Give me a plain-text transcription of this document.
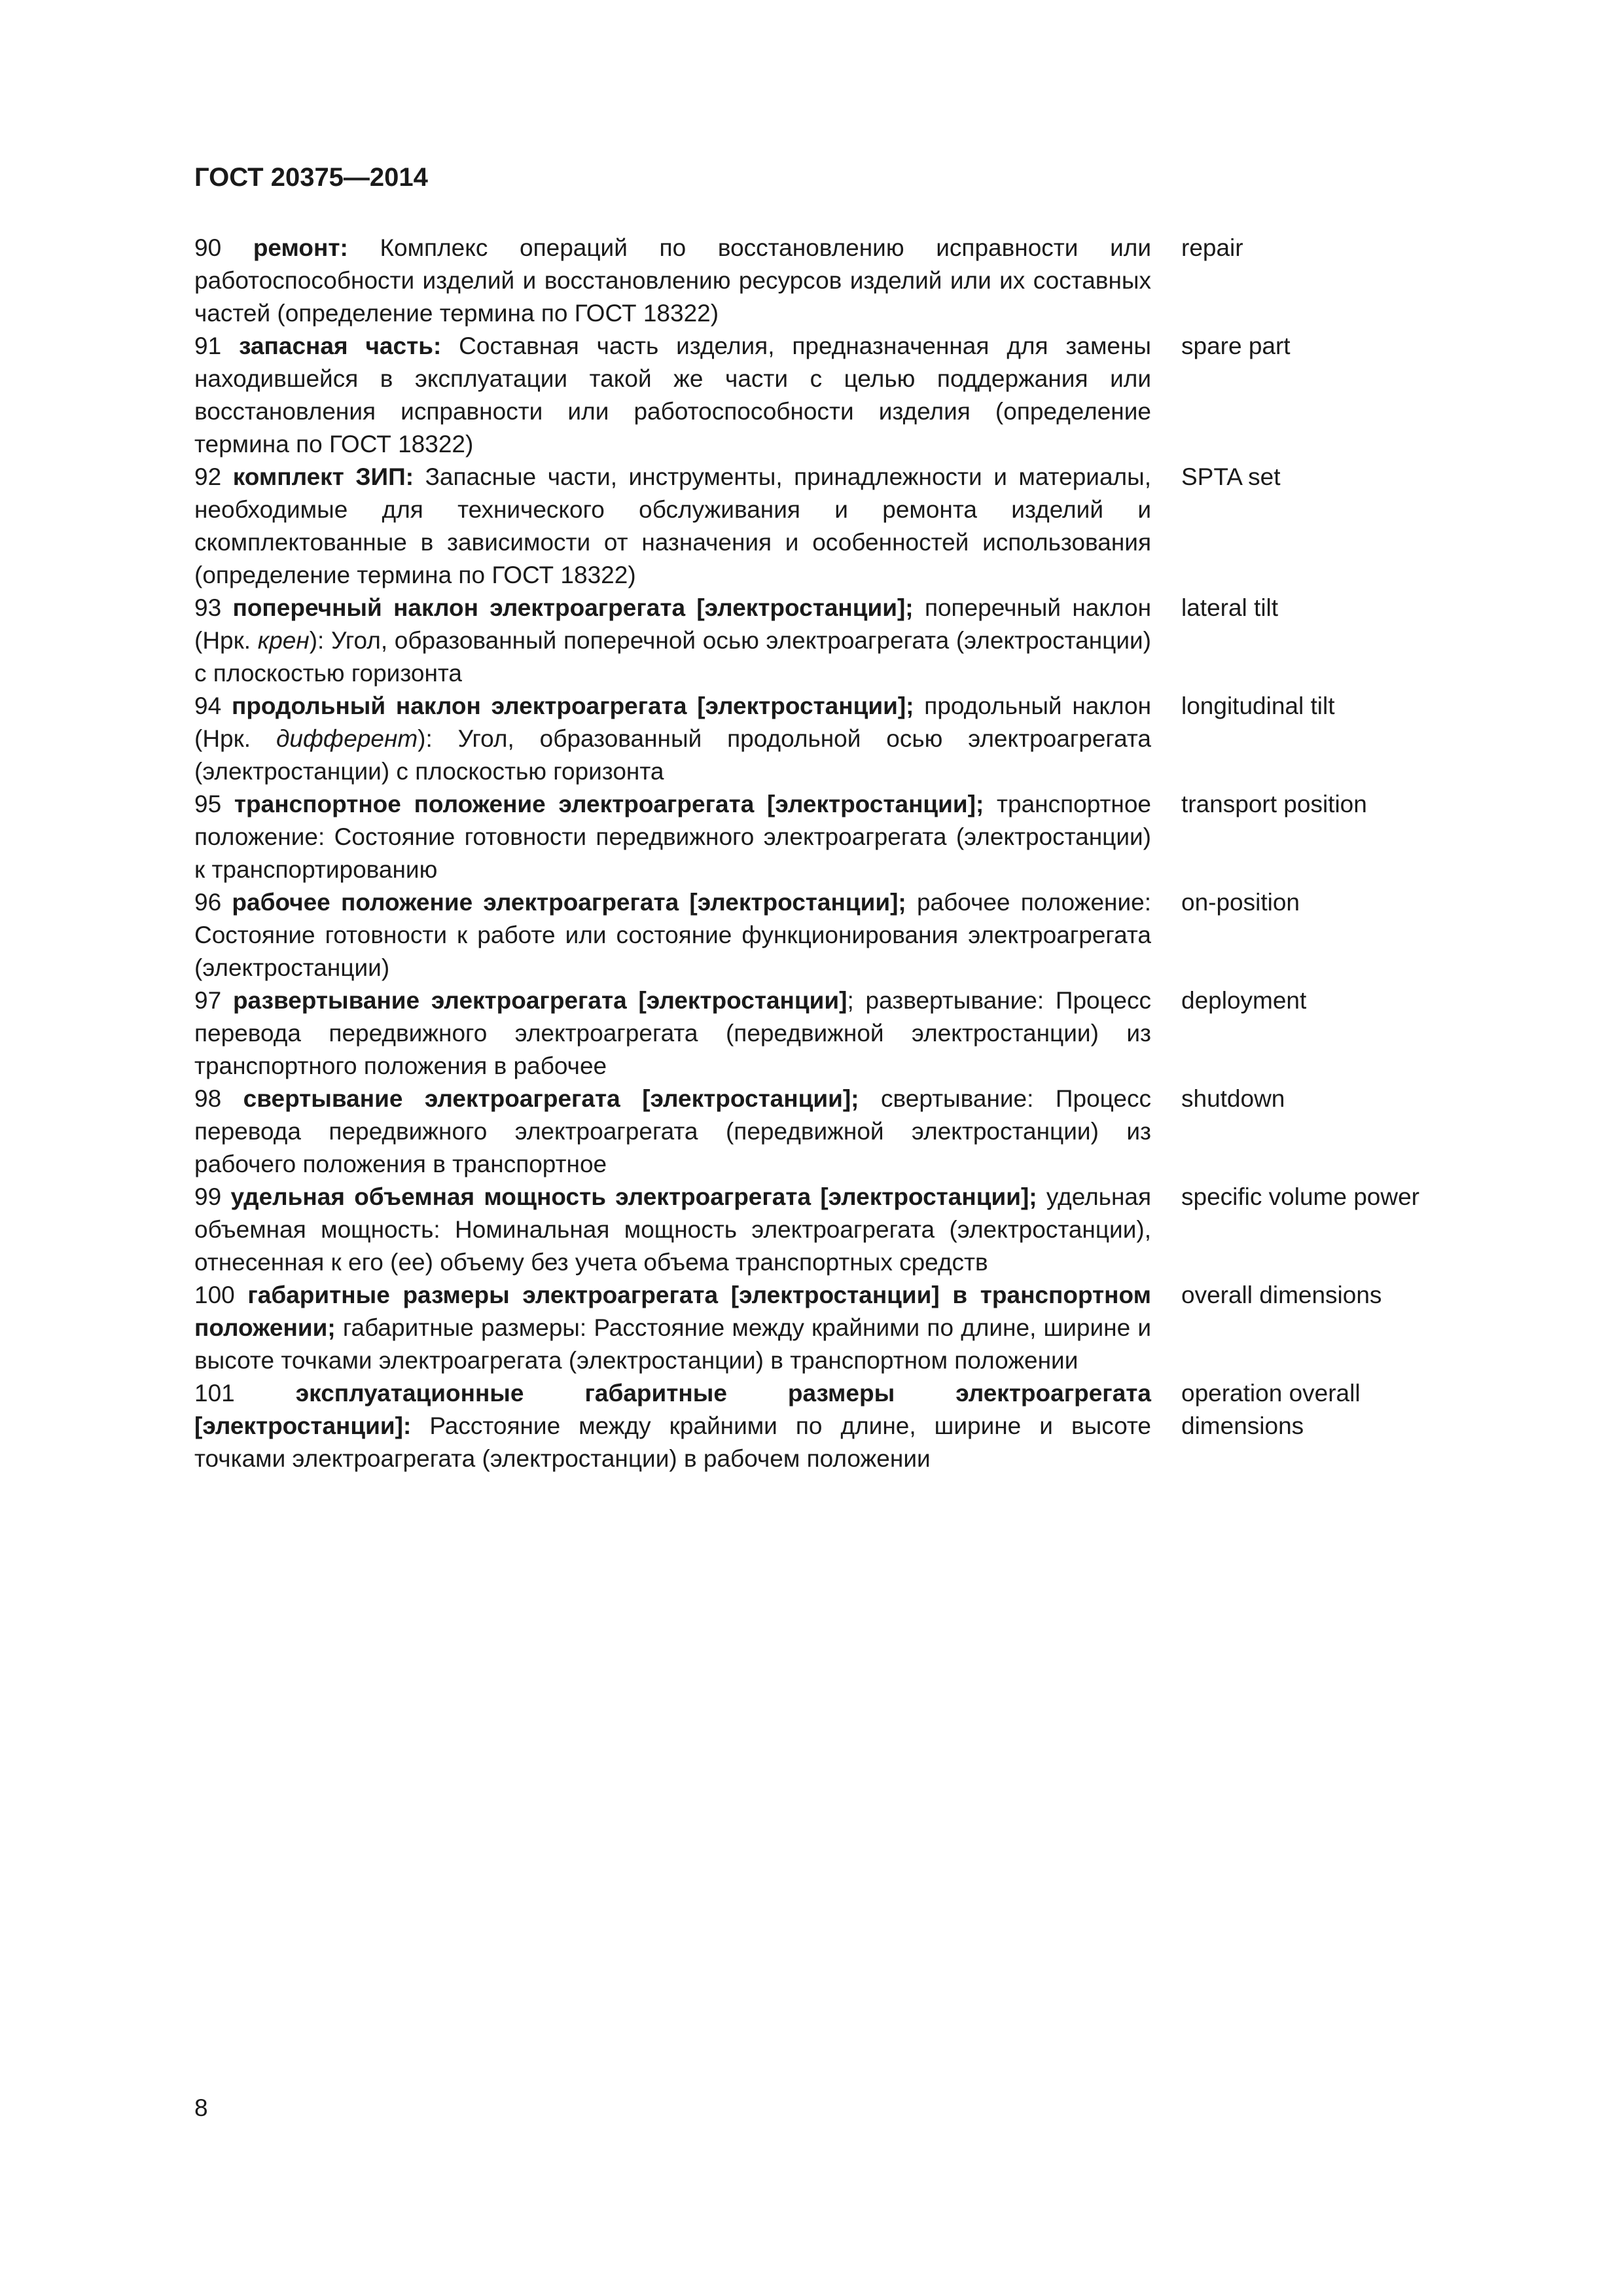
ГОСТ 20375—2014

90 ремонт: Комплекс операций по восстановлению исправности или работоспособности изделий и восстановлению ресурсов изделий или их составных частей (определение термина по ГОСТ 18322)

repair

91 запасная часть: Составная часть изделия, предназначенная для замены находившейся в эксплуатации такой же части с целью поддержания или восстановления исправности или работоспособности изделия (определение термина по ГОСТ 18322)

spare part

92 комплект ЗИП: Запасные части, инструменты, принадлежности и материалы, необходимые для технического обслуживания и ремонта изделий и скомплектованные в зависимости от назначения и особенностей использования (определение термина по ГОСТ 18322)

SPTA set

93 поперечный наклон электроагрегата [электростанции]; поперечный наклон (Нрк. крен): Угол, образованный поперечной осью электроагрегата (электростанции) с плоскостью горизонта

lateral tilt

94 продольный наклон электроагрегата [электростанции]; продольный наклон (Нрк. дифферент): Угол, образованный продольной осью электроагрегата (электростанции) с плоскостью горизонта

longitudinal tilt

95 транспортное положение электроагрегата [электростанции]; транспортное положение: Состояние готовности передвижного электроагрегата (электростанции) к транспортированию

transport position

96 рабочее положение электроагрегата [электростанции]; рабочее положение: Состояние готовности к работе или состояние функционирования электроагрегата (электростанции)

on-position

97 развертывание электроагрегата [электростанции]; развертывание: Процесс перевода передвижного электроагрегата (передвижной электростанции) из транспортного положения в рабочее

deployment

98 свертывание электроагрегата [электростанции]; свертывание: Процесс перевода передвижного электроагрегата (передвижной электростанции) из рабочего положения в транспортное

shutdown

99 удельная объемная мощность электроагрегата [электростанции]; удельная объемная мощность: Номинальная мощность электроагрегата (электростанции), отнесенная к его (ее) объему без учета объема транспортных средств

specific volume power

100 габаритные размеры электроагрегата [электростанции] в транспортном положении; габаритные размеры: Расстояние между крайними по длине, ширине и высоте точками электроагрегата (электростанции) в транспортном положении

overall dimensions

101	эксплуатационные габаритные размеры электроагрегата [электростанции]: Расстояние между крайними по длине, ширине и высоте точками электроагрегата (электростанции) в рабочем положении

operation overall
dimensions
8
